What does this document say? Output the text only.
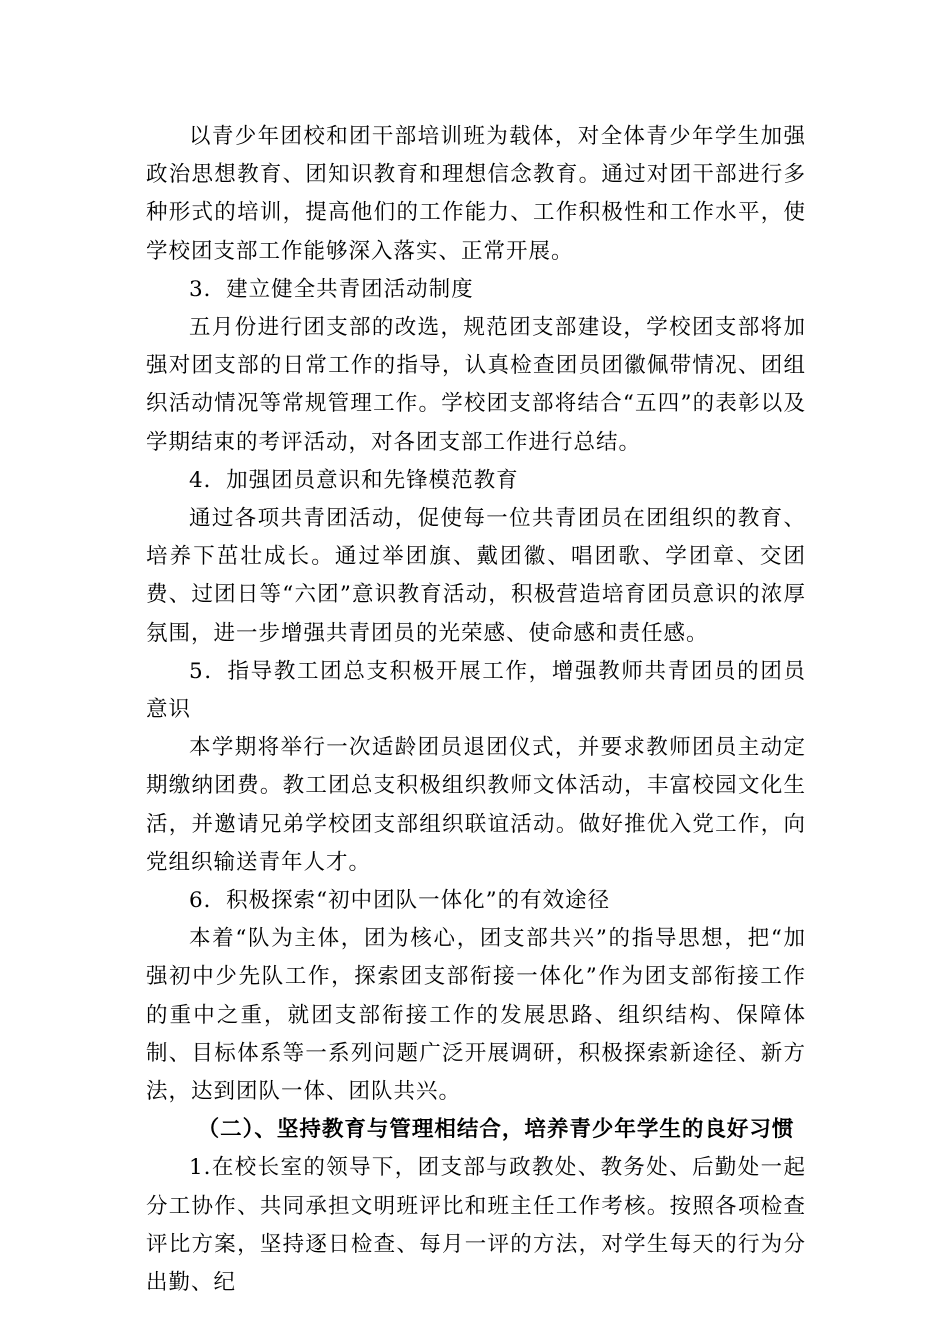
以青少年团校和团干部培训班为载体，对全体青少年学生加强政治思想教育、团知识教育和理想信念教育。通过对团干部进行多种形式的培训，提高他们的工作能力、工作积极性和工作水平，使学校团支部工作能够深入落实、正常开展。

3．建立健全共青团活动制度

五月份进行团支部的改选，规范团支部建设，学校团支部将加强对团支部的日常工作的指导，认真检查团员团徽佩带情况、团组织活动情况等常规管理工作。学校团支部将结合“五四”的表彰以及学期结束的考评活动，对各团支部工作进行总结。

4．加强团员意识和先锋模范教育

通过各项共青团活动，促使每一位共青团员在团组织的教育、培养下茁壮成长。通过举团旗、戴团徽、唱团歌、学团章、交团费、过团日等“六团”意识教育活动，积极营造培育团员意识的浓厚氛围，进一步增强共青团员的光荣感、使命感和责任感。

5．指导教工团总支积极开展工作，增强教师共青团员的团员意识

本学期将举行一次适龄团员退团仪式，并要求教师团员主动定期缴纳团费。教工团总支积极组织教师文体活动，丰富校园文化生活，并邀请兄弟学校团支部组织联谊活动。做好推优入党工作，向党组织输送青年人才。

6．积极探索“初中团队一体化”的有效途径

本着“队为主体，团为核心，团支部共兴”的指导思想，把“加强初中少先队工作，探索团支部衔接一体化”作为团支部衔接工作的重中之重，就团支部衔接工作的发展思路、组织结构、保障体制、目标体系等一系列问题广泛开展调研，积极探索新途径、新方法，达到团队一体、团队共兴。

（二）、坚持教育与管理相结合，培养青少年学生的良好习惯

1.在校长室的领导下，团支部与政教处、教务处、后勤处一起分工协作、共同承担文明班评比和班主任工作考核。按照各项检查评比方案，坚持逐日检查、每月一评的方法，对学生每天的行为分出勤、纪
